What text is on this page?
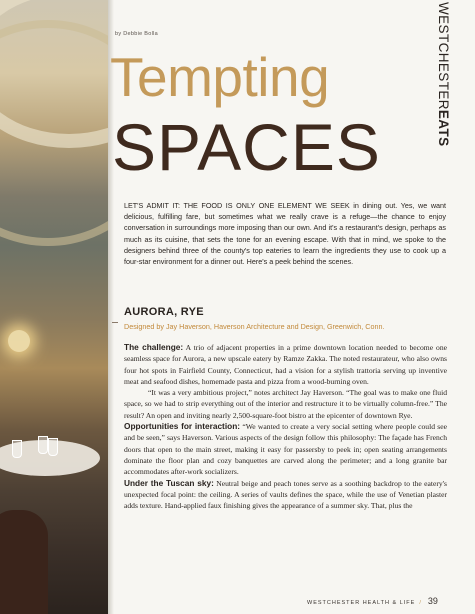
by Debbie Bolla
Tempting
SPACES
WESTCHESTEREATS
LET'S ADMIT IT: THE FOOD IS ONLY ONE ELEMENT WE SEEK in dining out. Yes, we want delicious, fulfilling fare, but sometimes what we really crave is a refuge—the chance to enjoy conversation in surroundings more imposing than our own. And it's a restaurant's design, perhaps as much as its cuisine, that sets the tone for an evening escape. With that in mind, we spoke to the designers behind three of the county's top eateries to learn the ingredients they use to cook up a four-star environment for a dinner out. Here's a peek behind the scenes.
AURORA, RYE
Designed by Jay Haverson, Haverson Architecture and Design, Greenwich, Conn.

The challenge: A trio of adjacent properties in a prime downtown location needed to become one seamless space for Aurora, a new upscale eatery by Ramze Zakka. The noted restaurateur, who also owns four hot spots in Fairfield County, Connecticut, had a vision for a stylish trattoria serving up inventive meat and seafood dishes, homemade pasta and pizza from a wood-burning oven.

“It was a very ambitious project,” notes architect Jay Haverson. “The goal was to make one fluid space, so we had to strip everything out of the interior and restructure it to be virtually column-free.” The result? An open and inviting nearly 2,500-square-foot bistro at the epicenter of downtown Rye.

Opportunities for interaction: “We wanted to create a very social setting where people could see and be seen,” says Haverson. Various aspects of the design follow this philosophy: The façade has French doors that open to the main street, making it easy for passersby to peek in; open seating arrangements dominate the floor plan and cozy banquettes are carved along the perimeter; and a long granite bar accommodates after-work socializers.

Under the Tuscan sky: Neutral beige and peach tones serve as a soothing backdrop to the eatery's unexpected focal point: the ceiling. A series of vaults defines the space, while the use of Venetian plaster adds texture. Hand-applied faux finishing gives the appearance of a summer sky. That, plus the

WESTCHESTER HEALTH & LIFE / 39
